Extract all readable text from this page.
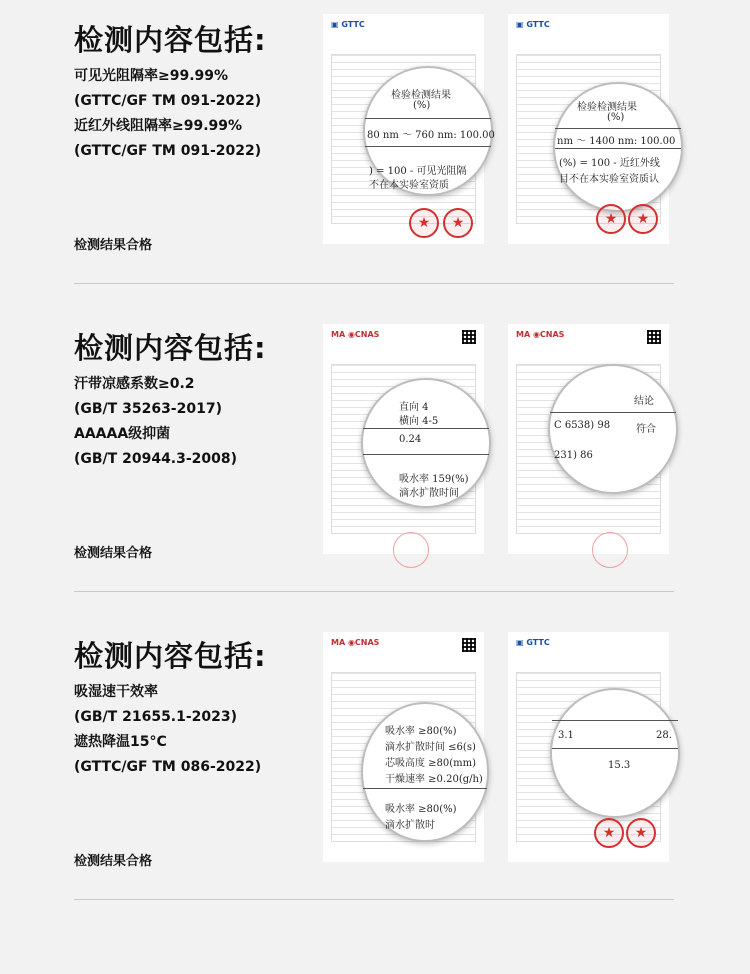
检测内容包括:
可见光阻隔率≥99.99%
(GTTC/GF TM 091-2022)
近红外线阻隔率≥99.99%
(GTTC/GF TM 091-2022)
检测结果合格
▣ GTTC
检验检测结果
(%)
80 nm ～ 760 nm: 100.00
) = 100 - 可见光阻隔
不在本实验室资质
★	★
▣ GTTC
检验检测结果
(%)
nm ～ 1400 nm: 100.00
(%) = 100 - 近红外线
目不在本实验室资质认
★	★
检测内容包括:
汗带凉感系数≥0.2
(GB/T 35263-2017)
AAAAA级抑菌
(GB/T 20944.3-2008)
检测结果合格
MA ◉CNAS
直向 4
横向 4-5
0.24
吸水率 159(%)
滴水扩散时间
MA ◉CNAS
结论
C 6538) 98	符合
231) 86
检测内容包括:
吸湿速干效率
(GB/T 21655.1-2023)
遮热降温15°C
(GTTC/GF TM 086-2022)
检测结果合格
MA ◉CNAS
吸水率 ≥80(%)
滴水扩散时间 ≤6(s)
芯吸高度 ≥80(mm)
干燥速率 ≥0.20(g/h)
吸水率 ≥80(%)
滴水扩散时
▣ GTTC
3.1	28.
15.3
★	★
